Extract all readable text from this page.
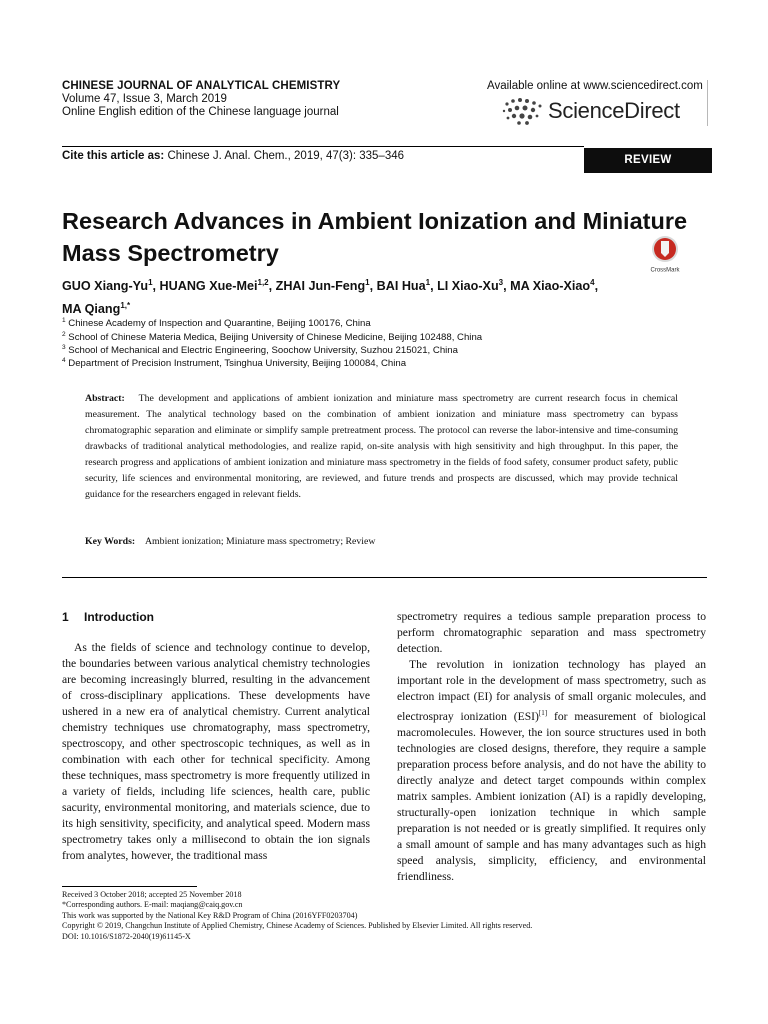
CHINESE JOURNAL OF ANALYTICAL CHEMISTRY
Volume 47, Issue 3, March 2019
Online English edition of the Chinese language journal
Available online at www.sciencedirect.com
ScienceDirect
Cite this article as: Chinese J. Anal. Chem., 2019, 47(3): 335–346	REVIEW
Research Advances in Ambient Ionization and Miniature Mass Spectrometry
CrossMark
GUO Xiang-Yu$^1$, HUANG Xue-Mei$^{1,2}$, ZHAI Jun-Feng$^1$, BAI Hua$^1$, LI Xiao-Xu$^3$, MA Xiao-Xiao$^4$,
MA Qiang$^{1,*}$
$^1$ Chinese Academy of Inspection and Quarantine, Beijing 100176, China
$^2$ School of Chinese Materia Medica, Beijing University of Chinese Medicine, Beijing 102488, China
$^3$ School of Mechanical and Electric Engineering, Soochow University, Suzhou 215021, China
$^4$ Department of Precision Instrument, Tsinghua University, Beijing 100084, China
Abstract: The development and applications of ambient ionization and miniature mass spectrometry are current research focus in chemical measurement. The analytical technology based on the combination of ambient ionization and miniature mass spectrometry can bypass chromatographic separation and eliminate or simplify sample pretreatment process. The protocol can reverse the labor-intensive and time-consuming drawbacks of traditional analytical methodologies, and realize rapid, on-site analysis with high sensitivity and high throughput. In this paper, the research progress and applications of ambient ionization and miniature mass spectrometry in the fields of food safety, consumer product safety, public security, life sciences and environmental monitoring, are reviewed, and future trends and prospects are discussed, which may provide technical guidance for the researchers engaged in relevant fields.
Key Words: Ambient ionization; Miniature mass spectrometry; Review
1 Introduction

As the fields of science and technology continue to develop, the boundaries between various analytical chemistry technologies are becoming increasingly blurred, resulting in the advancement of cross-disciplinary applications. These developments have ushered in a new era of analytical chemistry. Current analytical chemistry techniques use chromatography, mass spectrometry, spectroscopy, and other spectroscopic techniques, as well as in combination with each other for technical specificity. Among these techniques, mass spectrometry is more frequently utilized in a variety of fields, including life sciences, health care, public sacurity, environmental monitoring, and materials science, due to its high sensitivity, specificity, and analytical speed. Modern mass spectrometry takes only a millisecond to obtain the ion signals from analytes, however, the traditional mass

spectrometry requires a tedious sample preparation process to perform chromatographic separation and mass spectrometry detection.

The revolution in ionization technology has played an important role in the development of mass spectrometry, such as electron impact (EI) for analysis of small organic molecules, and electrospray ionization (ESI)[1] for measurement of biological macromolecules. However, the ion source structures used in both technologies are closed designs, therefore, they require a sample preparation process before analysis, and do not have the ability to directly analyze and detect target compounds within complex matrix samples. Ambient ionization (AI) is a rapidly developing, structurally-open ionization technique in which sample preparation is not needed or is greatly simplified. It requires only a small amount of sample and has many advantages such as high speed analysis, simplicity, efficiency, and environmental friendliness.

Received 3 October 2018; accepted 25 November 2018
*Corresponding authors. E-mail: maqiang@caiq.gov.cn
This work was supported by the National Key R&D Program of China (2016YFF0203704)
Copyright © 2019, Changchun Institute of Applied Chemistry, Chinese Academy of Sciences. Published by Elsevier Limited. All rights reserved.
DOI: 10.1016/S1872-2040(19)61145-X
